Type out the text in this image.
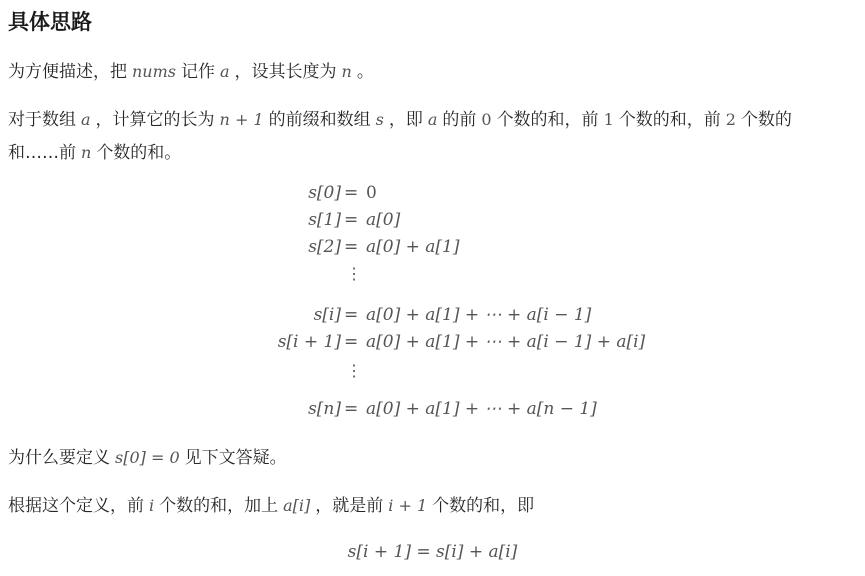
具体思路
为方便描述，把 nums 记作 a ，设其长度为 n 。
对于数组 a ，计算它的长为 n + 1 的前缀和数组 s ，即 a 的前 0 个数的和，前 1 个数的和，前 2 个数的
和……前 n 个数的和。
s[0] = 0
s[1] = a[0]
s[2] = a[0] + a[1]
⋮
s[i] = a[0] + a[1] + ⋯ + a[i − 1]
s[i + 1] = a[0] + a[1] + ⋯ + a[i − 1] + a[i]
⋮
s[n] = a[0] + a[1] + ⋯ + a[n − 1]
为什么要定义 s[0] = 0 见下文答疑。
根据这个定义，前 i 个数的和，加上 a[i] ，就是前 i + 1 个数的和，即
s[i + 1] = s[i] + a[i]
